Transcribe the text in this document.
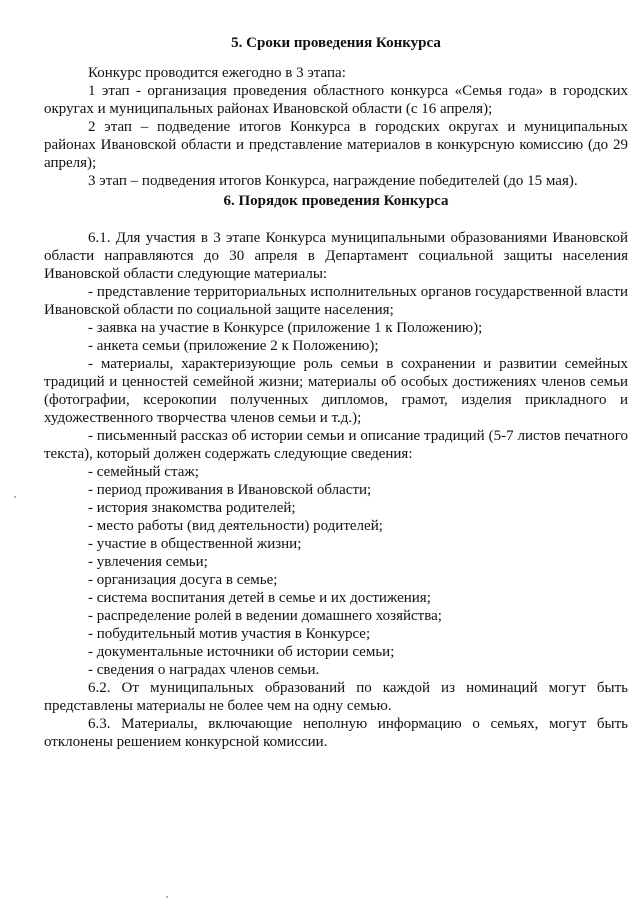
5. Сроки проведения Конкурса

Конкурс проводится ежегодно в 3 этапа:

1 этап - организация проведения областного конкурса «Семья года» в городских округах и муниципальных районах Ивановской области (с 16 апреля);

2 этап – подведение итогов Конкурса в городских округах и муниципальных районах Ивановской области и представление материалов в конкурсную комиссию (до 29 апреля);

3 этап – подведения итогов Конкурса, награждение победителей (до 15 мая).

6. Порядок проведения Конкурса

6.1. Для участия в 3 этапе Конкурса муниципальными образованиями Ивановской области направляются до 30 апреля в Департамент социальной защиты населения Ивановской области следующие материалы:

- представление территориальных исполнительных органов государственной власти Ивановской области по социальной защите населения;

- заявка на участие в Конкурсе (приложение 1 к Положению);
- анкета семьи (приложение 2 к Положению);

- материалы, характеризующие роль семьи в сохранении и развитии семейных традиций и ценностей семейной жизни; материалы об особых достижениях членов семьи (фотографии, ксерокопии полученных дипломов, грамот, изделия прикладного и художественного творчества членов семьи и т.д.);

- письменный рассказ об истории семьи и описание традиций (5-7 листов печатного текста), который должен содержать следующие сведения:

- семейный стаж;
- период проживания в Ивановской области;
- история знакомства родителей;
- место работы (вид деятельности) родителей;
- участие в общественной жизни;
- увлечения семьи;
- организация досуга в семье;
- система воспитания детей в семье и их достижения;
- распределение ролей в ведении домашнего хозяйства;
- побудительный мотив участия в Конкурсе;
- документальные источники об истории семьи;
- сведения о наградах членов семьи.

6.2. От муниципальных образований по каждой из номинаций могут быть представлены материалы не более чем на одну семью.

6.3. Материалы, включающие неполную информацию о семьях, могут быть отклонены решением конкурсной комиссии.
